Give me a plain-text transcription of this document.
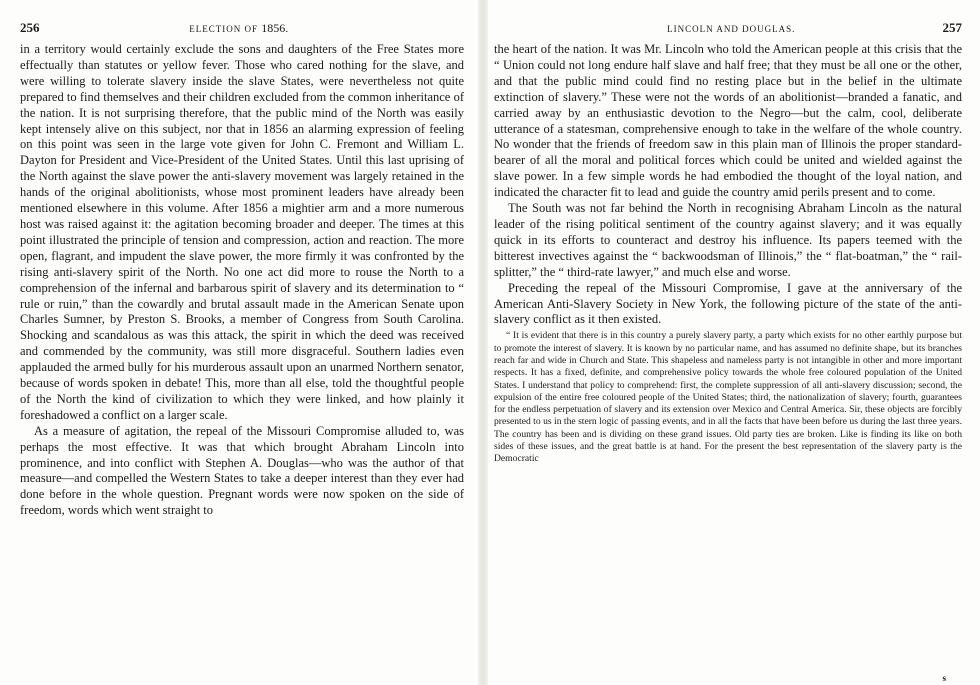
256	ELECTION OF 1856.

in a territory would certainly exclude the sons and daughters of the Free States more effectually than statutes or yellow fever. Those who cared nothing for the slave, and were willing to tolerate slavery inside the slave States, were nevertheless not quite prepared to find themselves and their children excluded from the common inheritance of the nation. It is not surprising therefore, that the public mind of the North was easily kept intensely alive on this subject, nor that in 1856 an alarming expression of feeling on this point was seen in the large vote given for John C. Fremont and William L. Dayton for President and Vice-President of the United States. Until this last uprising of the North against the slave power the anti-slavery movement was largely retained in the hands of the original abolitionists, whose most prominent leaders have already been mentioned elsewhere in this volume. After 1856 a mightier arm and a more numerous host was raised against it: the agitation becoming broader and deeper. The times at this point illustrated the principle of tension and compression, action and reaction. The more open, flagrant, and impudent the slave power, the more firmly it was confronted by the rising anti-slavery spirit of the North. No one act did more to rouse the North to a comprehension of the infernal and barbarous spirit of slavery and its determination to “ rule or ruin,” than the cowardly and brutal assault made in the American Senate upon Charles Sumner, by Preston S. Brooks, a member of Congress from South Carolina. Shocking and scandalous as was this attack, the spirit in which the deed was received and commended by the community, was still more disgraceful. Southern ladies even applauded the armed bully for his murderous assault upon an unarmed Northern senator, because of words spoken in debate! This, more than all else, told the thoughtful people of the North the kind of civilization to which they were linked, and how plainly it foreshadowed a conflict on a larger scale.

As a measure of agitation, the repeal of the Missouri Compromise alluded to, was perhaps the most effective. It was that which brought Abraham Lincoln into prominence, and into conflict with Stephen A. Douglas—who was the author of that measure—and compelled the Western States to take a deeper interest than they ever had done before in the whole question. Pregnant words were now spoken on the side of freedom, words which went straight to

LINCOLN AND DOUGLAS.	257

the heart of the nation. It was Mr. Lincoln who told the American people at this crisis that the “ Union could not long endure half slave and half free; that they must be all one or the other, and that the public mind could find no resting place but in the belief in the ultimate extinction of slavery.” These were not the words of an abolitionist—branded a fanatic, and carried away by an enthusiastic devotion to the Negro—but the calm, cool, deliberate utterance of a statesman, comprehensive enough to take in the welfare of the whole country. No wonder that the friends of freedom saw in this plain man of Illinois the proper standard-bearer of all the moral and political forces which could be united and wielded against the slave power. In a few simple words he had embodied the thought of the loyal nation, and indicated the character fit to lead and guide the country amid perils present and to come.

The South was not far behind the North in recognising Abraham Lincoln as the natural leader of the rising political sentiment of the country against slavery; and it was equally quick in its efforts to counteract and destroy his influence. Its papers teemed with the bitterest invectives against the “ backwoodsman of Illinois,” the “ flat-boatman,” the “ rail-splitter,” the “ third-rate lawyer,” and much else and worse.

Preceding the repeal of the Missouri Compromise, I gave at the anniversary of the American Anti-Slavery Society in New York, the following picture of the state of the anti-slavery conflict as it then existed.

“ It is evident that there is in this country a purely slavery party, a party which exists for no other earthly purpose but to promote the interest of slavery. It is known by no particular name, and has assumed no definite shape, but its branches reach far and wide in Church and State. This shapeless and nameless party is not intangible in other and more important respects. It has a fixed, definite, and comprehensive policy towards the whole free coloured population of the United States. I understand that policy to comprehend: first, the complete suppression of all anti-slavery discussion; second, the expulsion of the entire free coloured people of the United States; third, the nationalization of slavery; fourth, guarantees for the endless perpetuation of slavery and its extension over Mexico and Central America. Sir, these objects are forcibly presented to us in the stern logic of passing events, and in all the facts that have been before us during the last three years. The country has been and is dividing on these grand issues. Old party ties are broken. Like is finding its like on both sides of these issues, and the great battle is at hand. For the present the best representation of the slavery party is the Democratic

s
